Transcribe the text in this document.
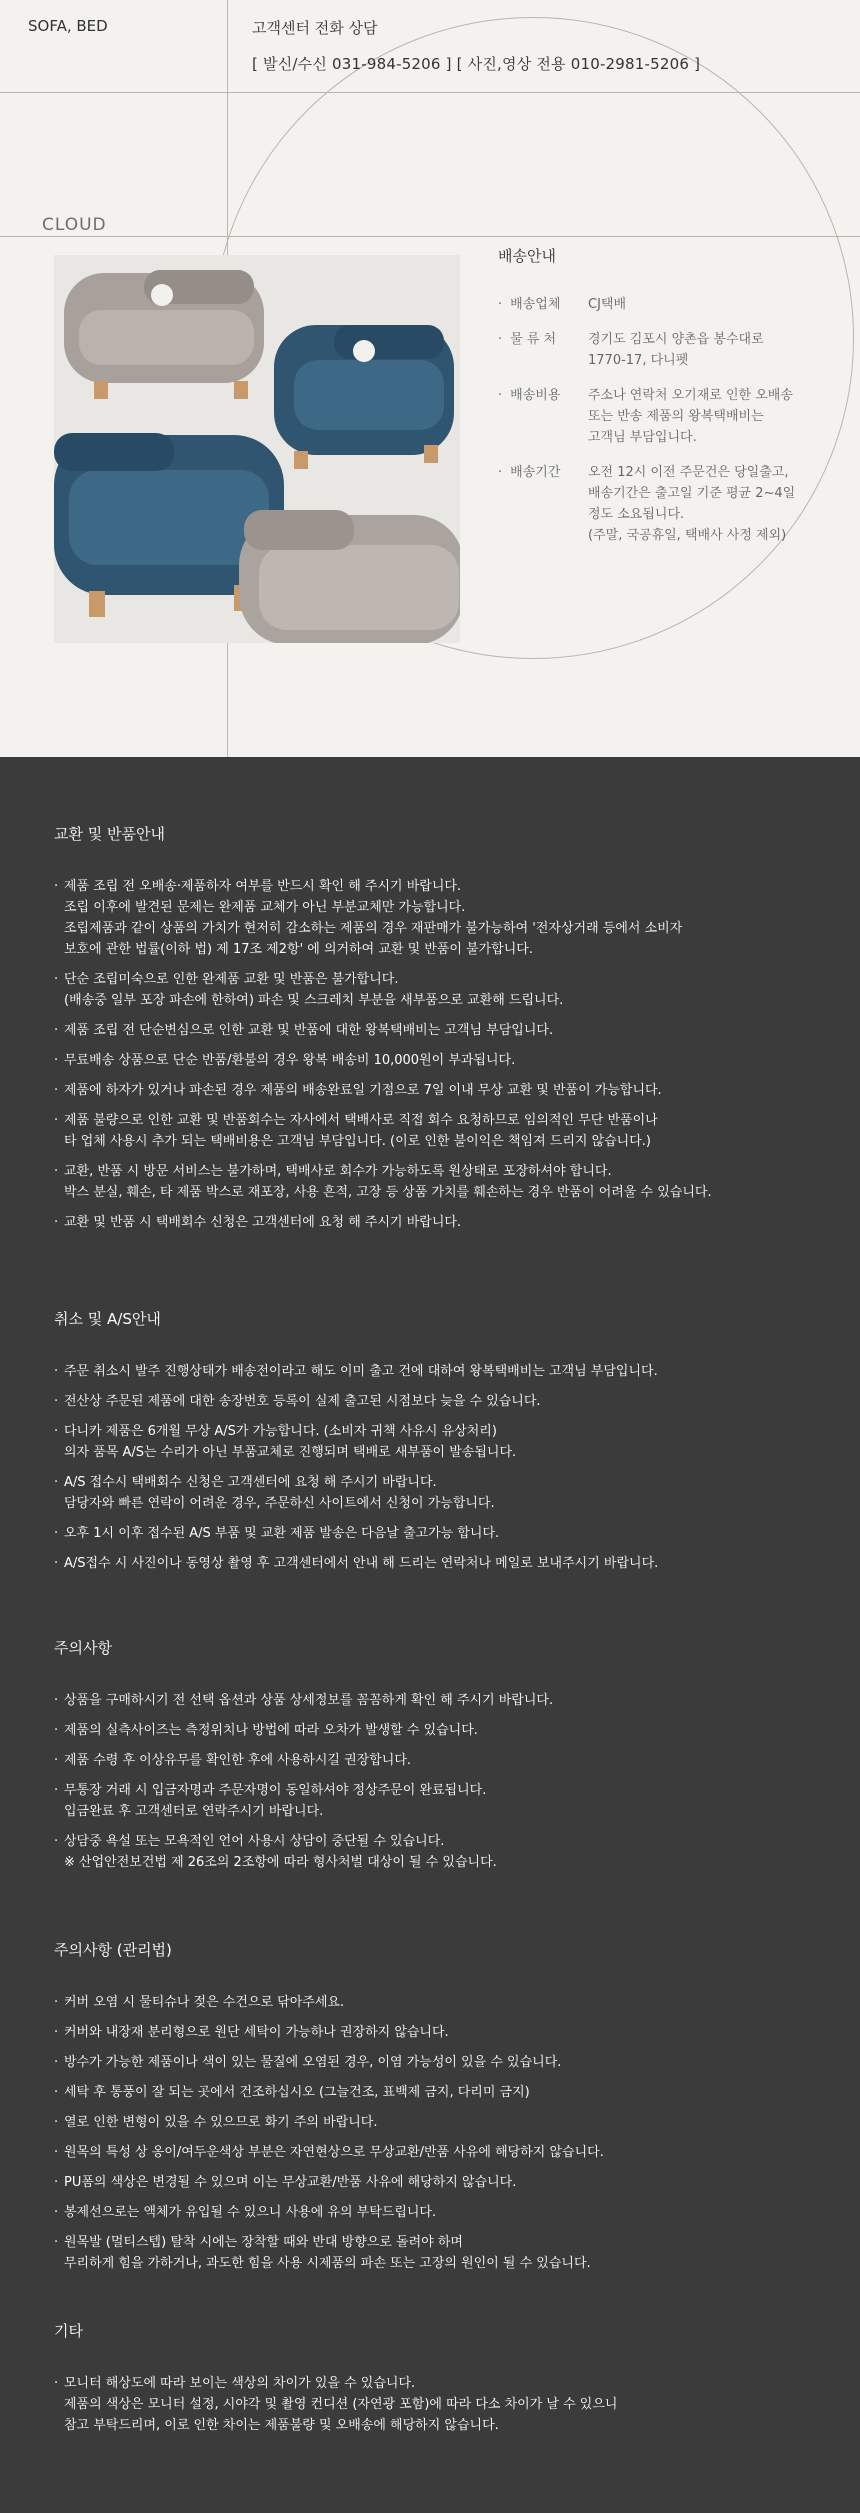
SOFA, BED	고객센터 전화 상담
[ 발신/수신 031-984-5206 ] [ 사진,영상 전용 010-2981-5206 ]
CLOUD
배송안내
· 배송업체	CJ택배
· 물 류 처	경기도 김포시 양촌읍 봉수대로
1770-17, 다니펫
· 배송비용	주소나 연락처 오기재로 인한 오배송
또는 반송 제품의 왕복택배비는
고객님 부담입니다.
· 배송기간	오전 12시 이전 주문건은 당일출고,
배송기간은 출고일 기준 평균 2~4일
정도 소요됩니다.
(주말, 국공휴일, 택배사 사정 제외)
교환 및 반품안내
· 제품 조립 전 오배송·제품하자 여부를 반드시 확인 해 주시기 바랍니다.
조립 이후에 발견된 문제는 완제품 교체가 아닌 부분교체만 가능합니다.
조립제품과 같이 상품의 가치가 현저히 감소하는 제품의 경우 재판매가 불가능하여 '전자상거래 등에서 소비자
보호에 관한 법률(이하 법) 제 17조 제2항' 에 의거하여 교환 및 반품이 불가합니다.
· 단순 조립미숙으로 인한 완제품 교환 및 반품은 불가합니다.
(배송중 일부 포장 파손에 한하여) 파손 및 스크레치 부분을 새부품으로 교환해 드립니다.
· 제품 조립 전 단순변심으로 인한 교환 및 반품에 대한 왕복택배비는 고객님 부담입니다.
· 무료배송 상품으로 단순 반품/환불의 경우 왕복 배송비 10,000원이 부과됩니다.
· 제품에 하자가 있거나 파손된 경우 제품의 배송완료일 기점으로 7일 이내 무상 교환 및 반품이 가능합니다.
· 제품 불량으로 인한 교환 및 반품회수는 자사에서 택배사로 직접 회수 요청하므로 임의적인 무단 반품이나
타 업체 사용시 추가 되는 택배비용은 고객님 부담입니다. (이로 인한 불이익은 책임져 드리지 않습니다.)
· 교환, 반품 시 방문 서비스는 불가하며, 택배사로 회수가 가능하도록 원상태로 포장하셔야 합니다.
박스 분실, 훼손, 타 제품 박스로 재포장, 사용 흔적, 고장 등 상품 가치를 훼손하는 경우 반품이 어려울 수 있습니다.
· 교환 및 반품 시 택배회수 신청은 고객센터에 요청 해 주시기 바랍니다.
취소 및 A/S안내
· 주문 취소시 발주 진행상태가 배송전이라고 해도 이미 출고 건에 대하여 왕복택배비는 고객님 부담입니다.
· 전산상 주문된 제품에 대한 송장번호 등록이 실제 출고된 시점보다 늦을 수 있습니다.
· 다니카 제품은 6개월 무상 A/S가 가능합니다. (소비자 귀책 사유시 유상처리)
의자 품목 A/S는 수리가 아닌 부품교체로 진행되며 택배로 새부품이 발송됩니다.
· A/S 접수시 택배회수 신청은 고객센터에 요청 해 주시기 바랍니다.
담당자와 빠른 연락이 어려운 경우, 주문하신 사이트에서 신청이 가능합니다.
· 오후 1시 이후 접수된 A/S 부품 및 교환 제품 발송은 다음날 출고가능 합니다.
· A/S접수 시 사진이나 동영상 촬영 후 고객센터에서 안내 해 드리는 연락처나 메일로 보내주시기 바랍니다.
주의사항
· 상품을 구매하시기 전 선택 옵션과 상품 상세정보를 꼼꼼하게 확인 해 주시기 바랍니다.
· 제품의 실측사이즈는 측정위치나 방법에 따라 오차가 발생할 수 있습니다.
· 제품 수령 후 이상유무를 확인한 후에 사용하시길 권장합니다.
· 무통장 거래 시 입금자명과 주문자명이 동일하셔야 정상주문이 완료됩니다.
입금완료 후 고객센터로 연락주시기 바랍니다.
· 상담중 욕설 또는 모욕적인 언어 사용시 상담이 중단될 수 있습니다.
※ 산업안전보건법 제 26조의 2조항에 따라 형사처벌 대상이 될 수 있습니다.
주의사항 (관리법)
· 커버 오염 시 물티슈나 젖은 수건으로 닦아주세요.
· 커버와 내장재 분리형으로 원단 세탁이 가능하나 권장하지 않습니다.
· 방수가 가능한 제품이나 색이 있는 물질에 오염된 경우, 이염 가능성이 있을 수 있습니다.
· 세탁 후 통풍이 잘 되는 곳에서 건조하십시오 (그늘건조, 표백제 금지, 다리미 금지)
· 열로 인한 변형이 있을 수 있으므로 화기 주의 바랍니다.
· 원목의 특성 상 옹이/여두운색상 부분은 자연현상으로 무상교환/반품 사유에 해당하지 않습니다.
· PU폼의 색상은 변경될 수 있으며 이는 무상교환/반품 사유에 해당하지 않습니다.
· 봉제선으로는 액체가 유입될 수 있으니 사용에 유의 부탁드립니다.
· 원목발 (멀티스텝) 탈착 시에는 장착할 때와 반대 방향으로 돌려야 하며
무리하게 힘을 가하거나, 과도한 힘을 사용 시제품의 파손 또는 고장의 원인이 될 수 있습니다.
기타
· 모니터 해상도에 따라 보이는 색상의 차이가 있을 수 있습니다.
제품의 색상은 모니터 설정, 시야각 및 촬영 컨디션 (자연광 포함)에 따라 다소 차이가 날 수 있으니
참고 부탁드리며, 이로 인한 차이는 제품불량 및 오배송에 해당하지 않습니다.
